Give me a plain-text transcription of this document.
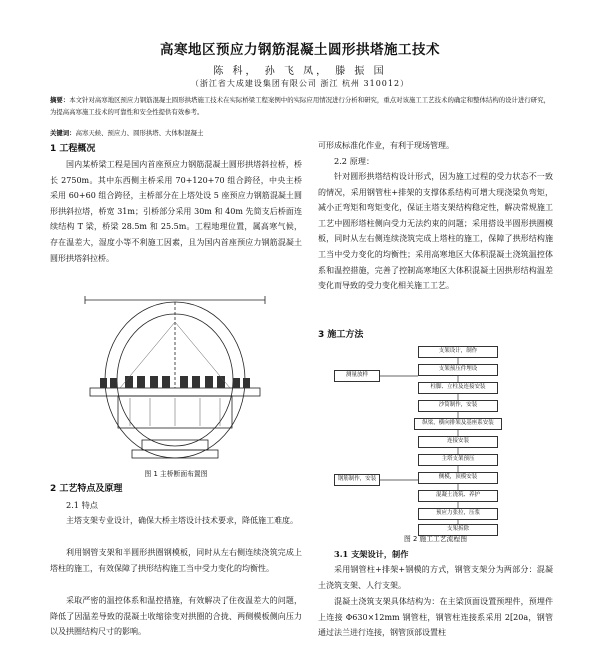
高寒地区预应力钢筋混凝土圆形拱塔施工技术
陈 科， 孙 飞 凤， 滕 振 国
（浙江省大成建设集团有限公司 浙江 杭州 310012）
摘要：本文针对高寒地区预应力钢筋混凝土圆形拱塔施工技术在实际桥梁工程案例中的实际应用情况进行分析和研究，重点对该施工工艺技术的确定和整体结构的设计进行研究，为提高高寒施工技术的可靠性和安全性提供有效参考。
关键词：高寒天候、预应力、圆形拱塔、大体积混凝土
1 工程概况
国内某桥梁工程是国内首座预应力钢筋混凝土圆形拱塔斜拉桥，桥长 2750m。其中东西侧主桥采用 70+120+70 组合跨径，中央主桥采用 60+60 组合跨径，主桥部分在上塔处设 5 座预应力钢筋混凝土圆形拱斜拉塔，桥宽 31m；引桥部分采用 30m 和 40m 先简支后桥面连续结构 T 梁，桥梁 28.5m 和 25.5m。工程地理位置，属高寒气候，存在温差大，湿度小等不利施工因素，且为国内首座预应力钢筋混凝土圆形拱塔斜拉桥。
图 1 主桥断面布置图
2 工艺特点及原理
2.1 特点
主塔支架专业设计，确保大桥主塔设计技术要求，降低施工难度。
利用钢管支架和半圆形拱圈钢模板，同时从左右侧连续浇筑完成上塔柱的施工，有效保障了拱形结构施工当中受力变化的均衡性。
采取严密的温控体系和温控措施，有效解决了住夜温差大的问题，降低了因温差导致的混凝土收缩徐变对拱圈的合拢、两侧模板侧向压力以及拱圈结构尺寸的影响。
可形成标准化作业，有利于现场管理。
2.2 原理：
针对圆形拱塔结构设计形式，因为施工过程的受力状态不一致的情况，采用钢管柱+排架的支撑体系结构可增大现浇梁负弯矩，减小正弯矩和弯矩变化，保证主塔支架结构稳定性，解决常规施工工艺中圆形塔柱侧向受力无法约束的问题；采用搭设半圆形拱圈模板，同时从左右侧连续浇筑完成上塔柱的施工，保障了拱形结构施工当中受力变化的均衡性；采用高寒地区大体积混凝土浇筑温控体系和温控措施，完善了控制高寒地区大体积混凝土因拱形结构温差变化而导致的受力变化相关施工工艺。
3 施工方法
支架设计，制作
支架预压件埋设
柱脚、立柱及连接安装
沙筒制作，安装
纵梁，横向排架及基座系安装
连接安装
主塔支架预压
侧模，顶模安装
混凝土浇筑、养护
预应力张拉，压浆
支架拆除
测量放样
钢筋制作，安装
图 2 施工工艺流程图
3.1 支架设计，制作
采用钢管柱+排架+钢模的方式，钢管支架分为两部分：混凝土浇筑支架、人行支架。
混凝土浇筑支架具体结构为：在主梁顶面设置预埋件，预埋件上连接 Φ630×12mm 钢管柱，钢管柱连接系采用 2[20a，钢管通过法兰进行连接，钢管顶部设置柱
